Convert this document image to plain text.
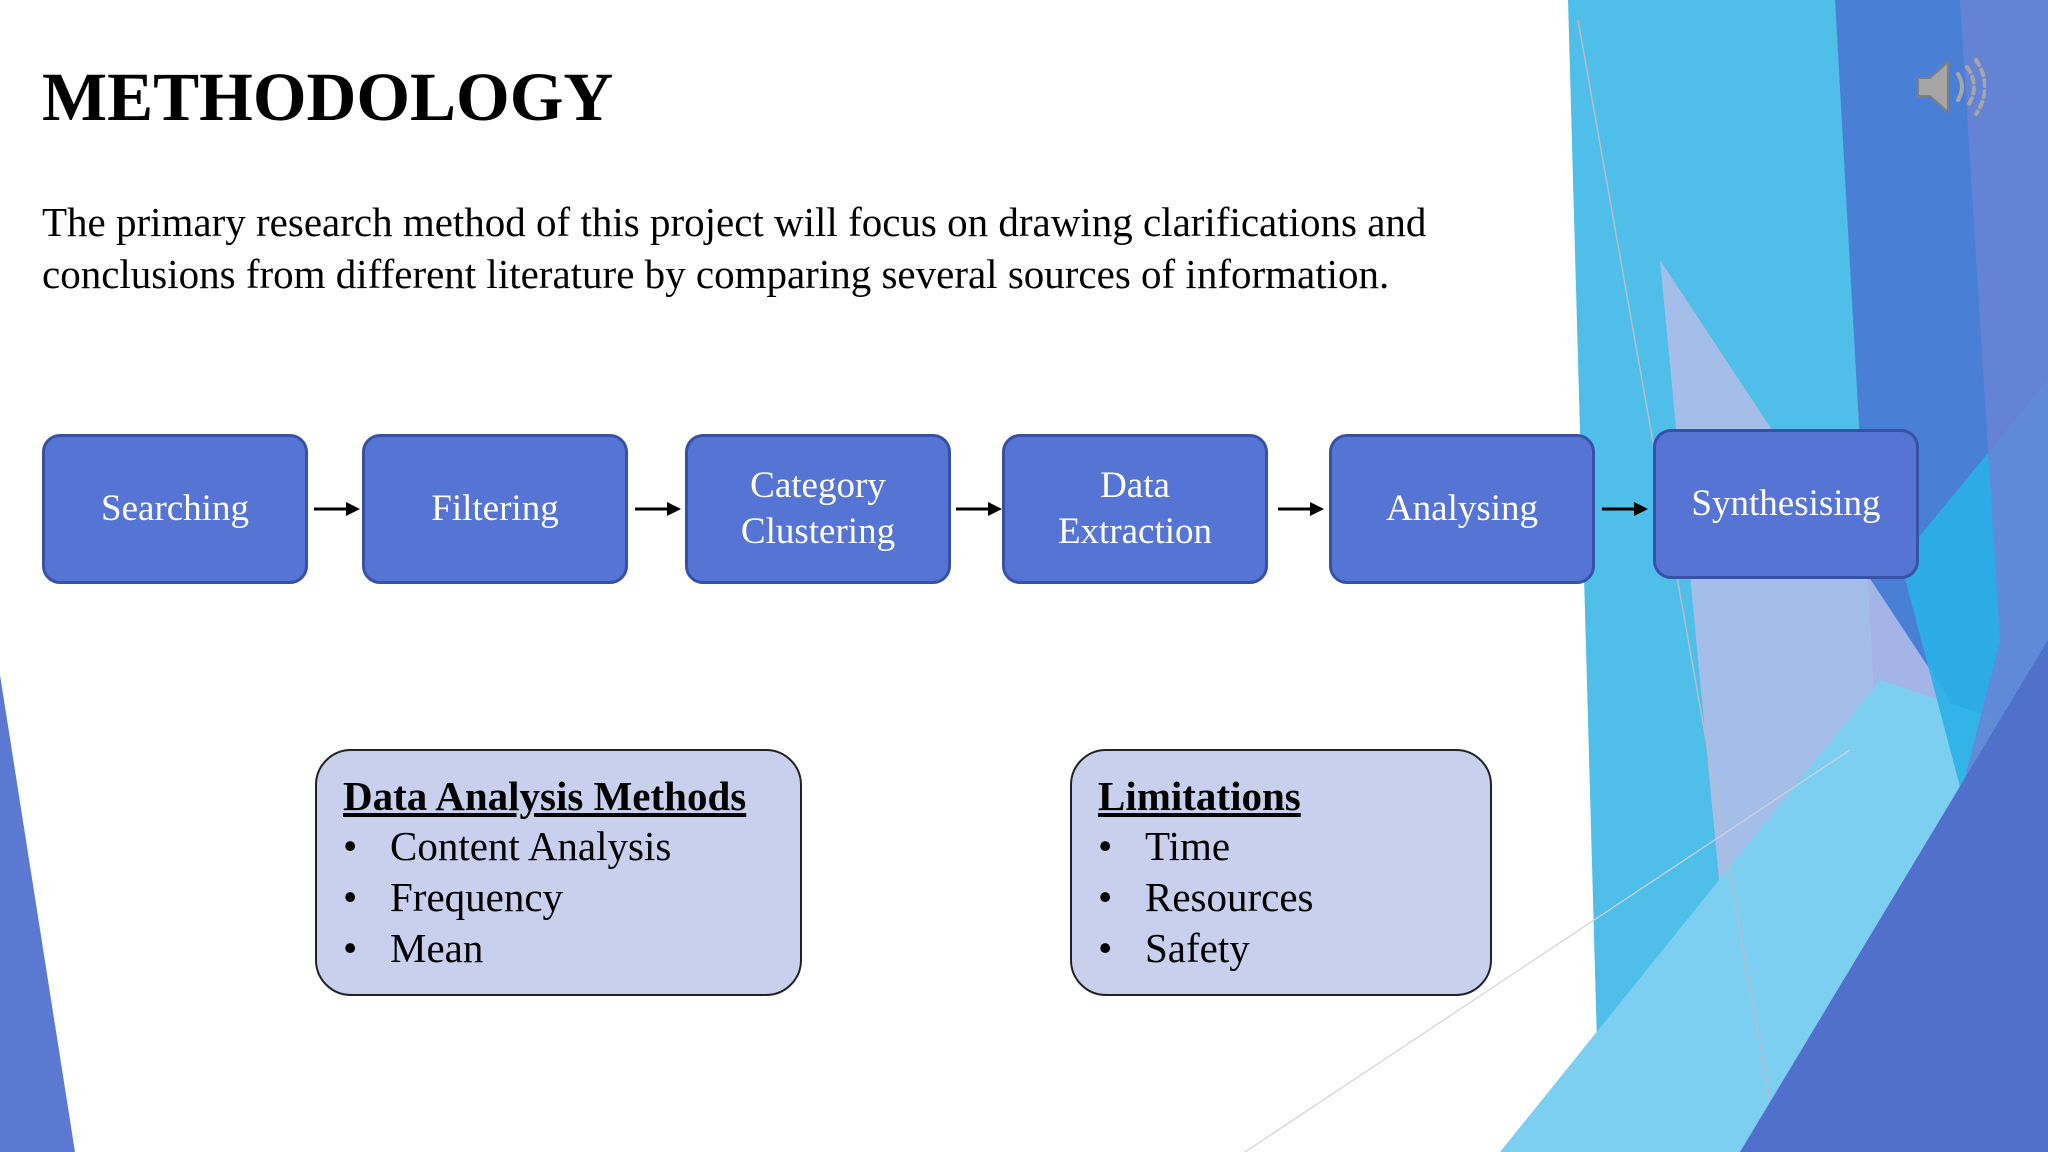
METHODOLOGY
The primary research method of this project will focus on drawing clarifications and
conclusions from different literature by comparing several sources of information.
Searching	Filtering
Category
Clustering
Data
Extraction
Analysing	Synthesising
Data Analysis Methods
• Content Analysis
• Frequency
• Mean
Limitations
• Time
• Resources
• Safety
